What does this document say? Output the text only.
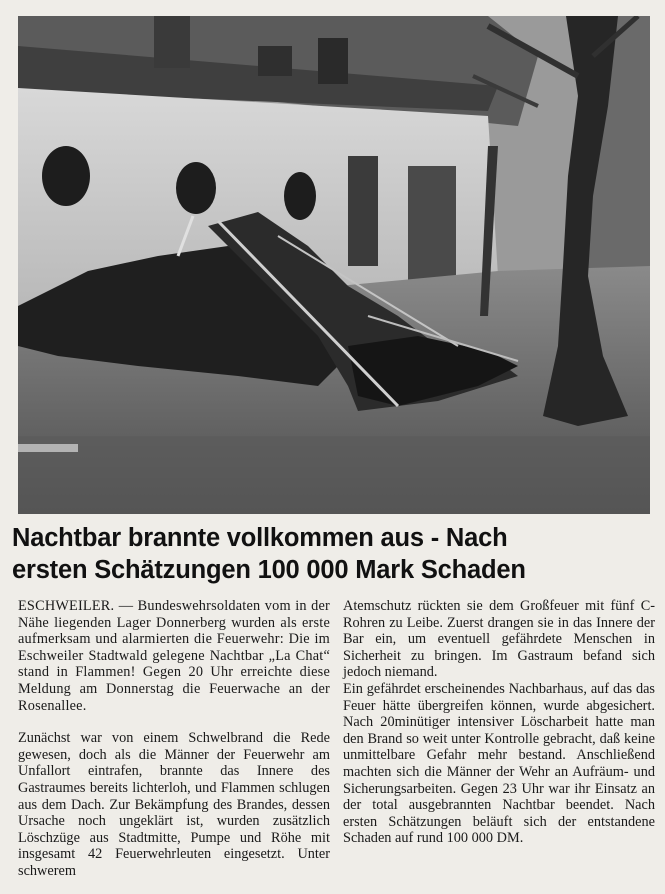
Nachtbar brannte vollkommen aus - Nach
ersten Schätzungen 100 000 Mark Schaden

ESCHWEILER. — Bundeswehrsoldaten vom in der Nähe liegenden Lager Donnerberg wurden als erste aufmerksam und alarmierten die Feuerwehr: Die im Eschweiler Stadtwald gelegene Nachtbar „La Chat“ stand in Flammen! Gegen 20 Uhr erreichte diese Meldung am Donnerstag die Feuerwache an der Rosenallee.

Zunächst war von einem Schwelbrand die Rede gewesen, doch als die Männer der Feuerwehr am Unfallort eintrafen, brannte das Innere des Gastraumes bereits lichterloh, und Flammen schlugen aus dem Dach. Zur Bekämpfung des Brandes, dessen Ursache noch ungeklärt ist, wurden zusätzlich Löschzüge aus Stadtmitte, Pumpe und Röhe mit insgesamt 42 Feuerwehrleuten eingesetzt. Unter schwerem

Atemschutz rückten sie dem Großfeuer mit fünf C-Rohren zu Leibe. Zuerst drangen sie in das Innere der Bar ein, um eventuell gefährdete Menschen in Sicherheit zu bringen. Im Gastraum befand sich jedoch niemand.

Ein gefährdet erscheinendes Nachbarhaus, auf das das Feuer hätte übergreifen können, wurde abgesichert. Nach 20minütiger intensiver Löscharbeit hatte man den Brand so weit unter Kontrolle gebracht, daß keine unmittelbare Gefahr mehr bestand. Anschließend machten sich die Männer der Wehr an Aufräum- und Sicherungsarbeiten. Gegen 23 Uhr war ihr Einsatz an der total ausgebrannten Nachtbar beendet. Nach ersten Schätzungen beläuft sich der entstandene Schaden auf rund 100 000 DM.
